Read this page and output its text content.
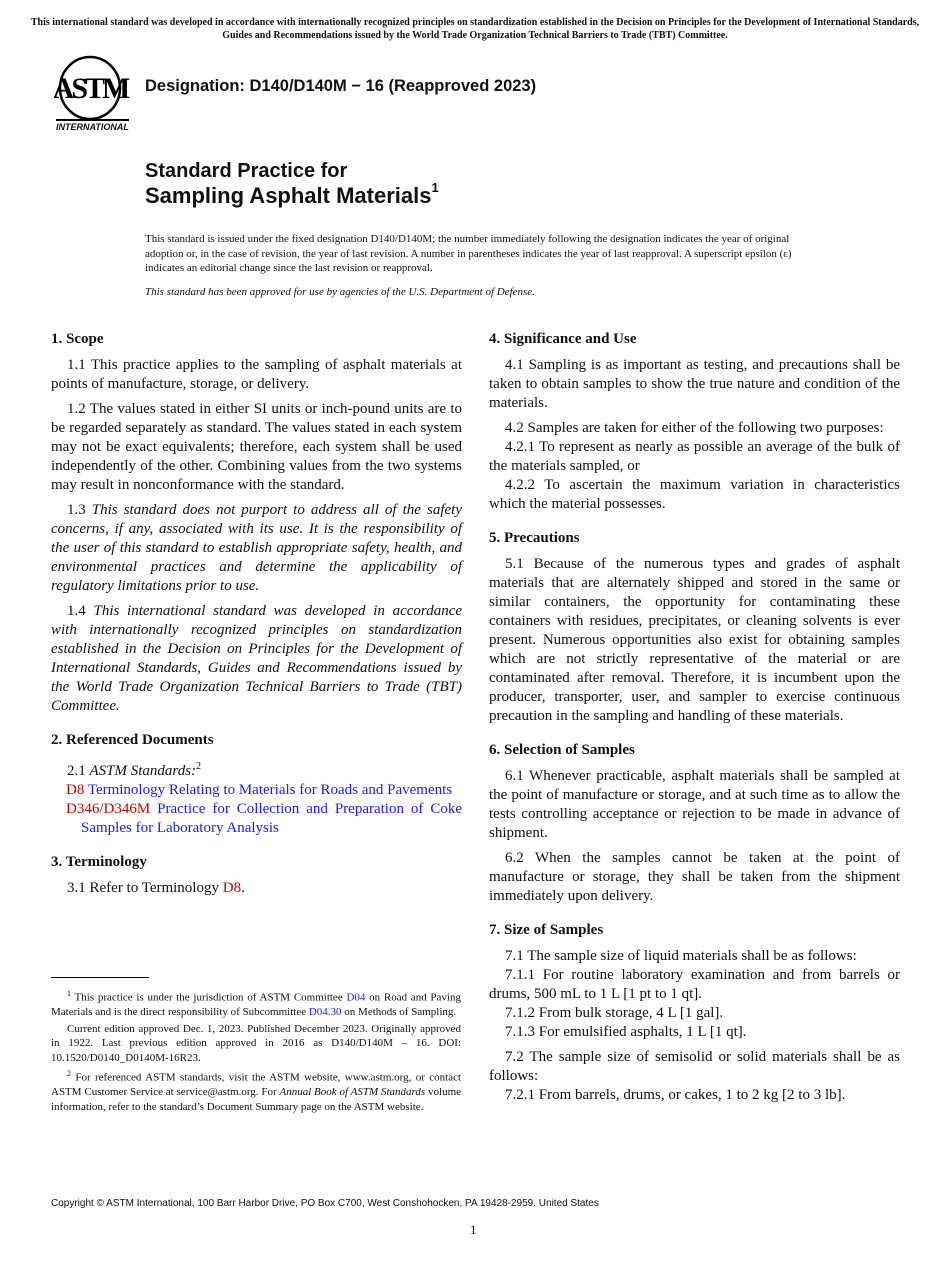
This international standard was developed in accordance with internationally recognized principles on standardization established in the Decision on Principles for the Development of International Standards, Guides and Recommendations issued by the World Trade Organization Technical Barriers to Trade (TBT) Committee.
ASTM
INTERNATIONAL
Designation: D140/D140M − 16 (Reapproved 2023)
Standard Practice for
Sampling Asphalt Materials$^1$
This standard is issued under the fixed designation D140/D140M; the number immediately following the designation indicates the year of original adoption or, in the case of revision, the year of last revision. A number in parentheses indicates the year of last reapproval. A superscript epsilon (ε) indicates an editorial change since the last revision or reapproval.
This standard has been approved for use by agencies of the U.S. Department of Defense.
1. Scope

1.1 This practice applies to the sampling of asphalt materials at points of manufacture, storage, or delivery.

1.2 The values stated in either SI units or inch-pound units are to be regarded separately as standard. The values stated in each system may not be exact equivalents; therefore, each system shall be used independently of the other. Combining values from the two systems may result in nonconformance with the standard.

1.3 This standard does not purport to address all of the safety concerns, if any, associated with its use. It is the responsibility of the user of this standard to establish appropriate safety, health, and environmental practices and determine the applicability of regulatory limitations prior to use.

1.4 This international standard was developed in accordance with internationally recognized principles on standardization established in the Decision on Principles for the Development of International Standards, Guides and Recommendations issued by the World Trade Organization Technical Barriers to Trade (TBT) Committee.

2. Referenced Documents

2.1 ASTM Standards:$^2$

D8 Terminology Relating to Materials for Roads and Pavements

D346/D346M Practice for Collection and Preparation of Coke Samples for Laboratory Analysis

3. Terminology

3.1 Refer to Terminology D8.

4. Significance and Use

4.1 Sampling is as important as testing, and precautions shall be taken to obtain samples to show the true nature and condition of the materials.

4.2 Samples are taken for either of the following two purposes:

4.2.1 To represent as nearly as possible an average of the bulk of the materials sampled, or

4.2.2 To ascertain the maximum variation in characteristics which the material possesses.

5. Precautions

5.1 Because of the numerous types and grades of asphalt materials that are alternately shipped and stored in the same or similar containers, the opportunity for contaminating these containers with residues, precipitates, or cleaning solvents is ever present. Numerous opportunities also exist for obtaining samples which are not strictly representative of the material or are contaminated after removal. Therefore, it is incumbent upon the producer, transporter, user, and sampler to exercise continuous precaution in the sampling and handling of these materials.

6. Selection of Samples

6.1 Whenever practicable, asphalt materials shall be sampled at the point of manufacture or storage, and at such time as to allow the tests controlling acceptance or rejection to be made in advance of shipment.

6.2 When the samples cannot be taken at the point of manufacture or storage, they shall be taken from the shipment immediately upon delivery.

7. Size of Samples

7.1 The sample size of liquid materials shall be as follows:

7.1.1 For routine laboratory examination and from barrels or drums, 500 mL to 1 L [1 pt to 1 qt].

7.1.2 From bulk storage, 4 L [1 gal].

7.1.3 For emulsified asphalts, 1 L [1 qt].

7.2 The sample size of semisolid or solid materials shall be as follows:

7.2.1 From barrels, drums, or cakes, 1 to 2 kg [2 to 3 lb].

$^1$ This practice is under the jurisdiction of ASTM Committee D04 on Road and Paving Materials and is the direct responsibility of Subcommittee D04.30 on Methods of Sampling.

Current edition approved Dec. 1, 2023. Published December 2023. Originally approved in 1922. Last previous edition approved in 2016 as D140/D140M – 16. DOI: 10.1520/D0140_D0140M-16R23.

$^2$ For referenced ASTM standards, visit the ASTM website, www.astm.org, or contact ASTM Customer Service at service@astm.org. For Annual Book of ASTM Standards volume information, refer to the standard’s Document Summary page on the ASTM website.

Copyright © ASTM International, 100 Barr Harbor Drive, PO Box C700, West Conshohocken, PA 19428-2959. United States
1
